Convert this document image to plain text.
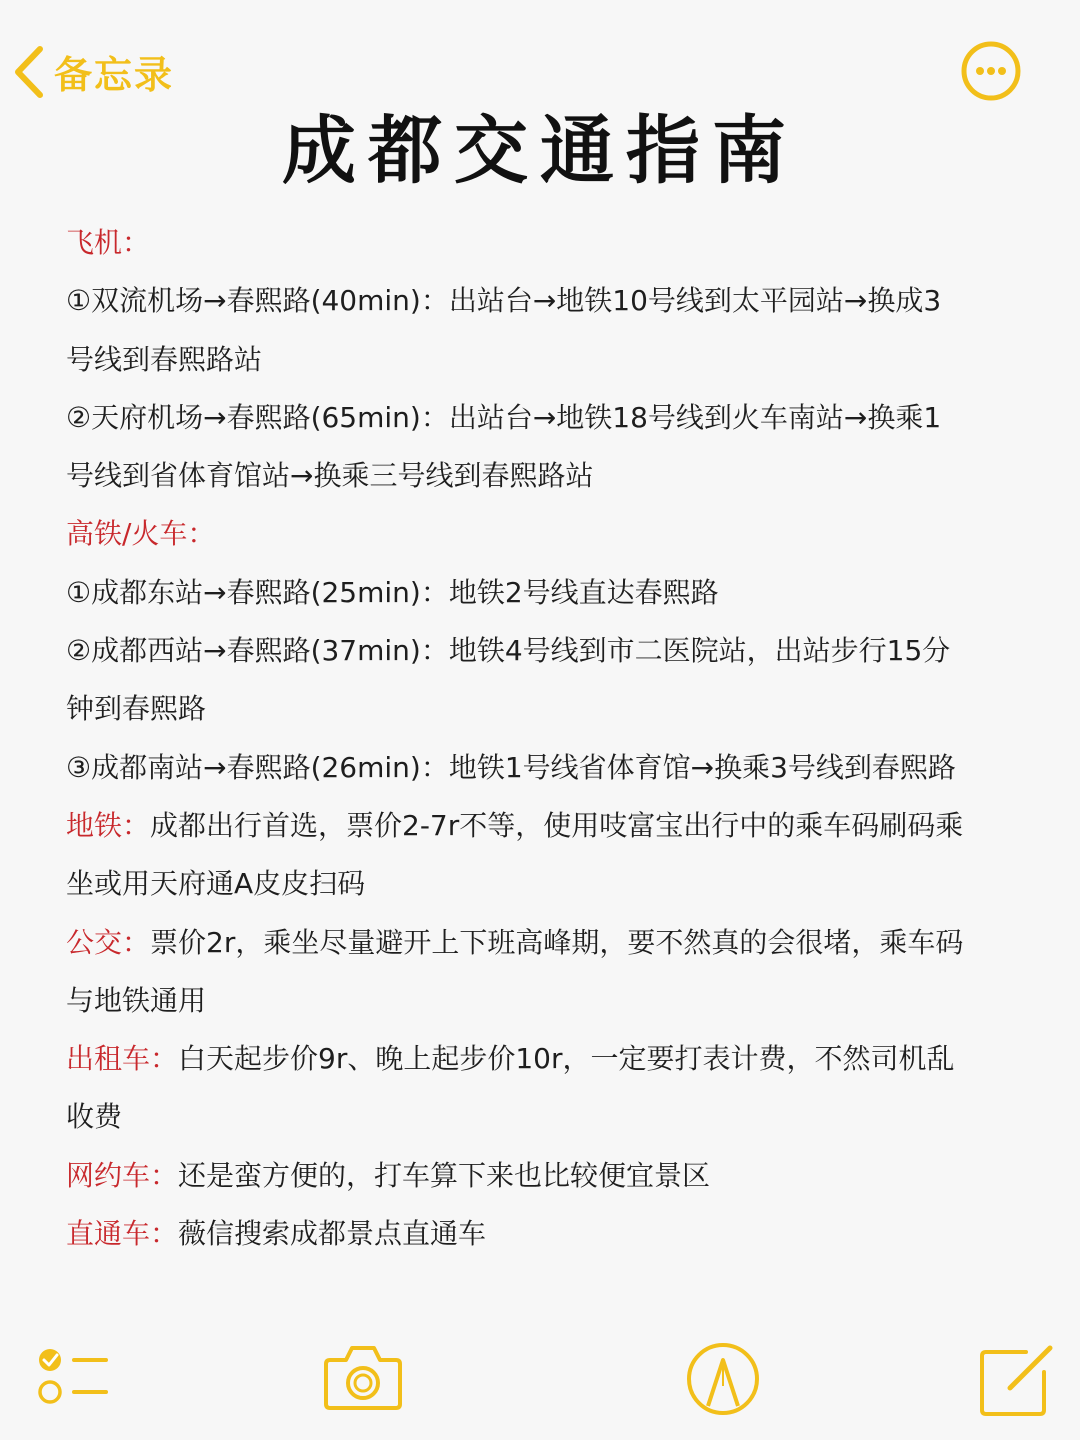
备忘录
成都交通指南
飞机：
①双流机场→春熙路(40min)：出站台→地铁10号线到太平园站→换成3
号线到春熙路站
②天府机场→春熙路(65min)：出站台→地铁18号线到火车南站→换乘1
号线到省体育馆站→换乘三号线到春熙路站
高铁/火车：
①成都东站→春熙路(25min)：地铁2号线直达春熙路
②成都西站→春熙路(37min)：地铁4号线到市二医院站，出站步行15分
钟到春熙路
③成都南站→春熙路(26min)：地铁1号线省体育馆→换乘3号线到春熙路
地铁：成都出行首选，票价2-7r不等，使用吱富宝出行中的乘车码刷码乘
坐或用天府通A皮皮扫码
公交：票价2r，乘坐尽量避开上下班高峰期，要不然真的会很堵，乘车码
与地铁通用
出租车：白天起步价9r、晚上起步价10r，一定要打表计费，不然司机乱
收费
网约车：还是蛮方便的，打车算下来也比较便宜景区
直通车：薇信搜索成都景点直通车
